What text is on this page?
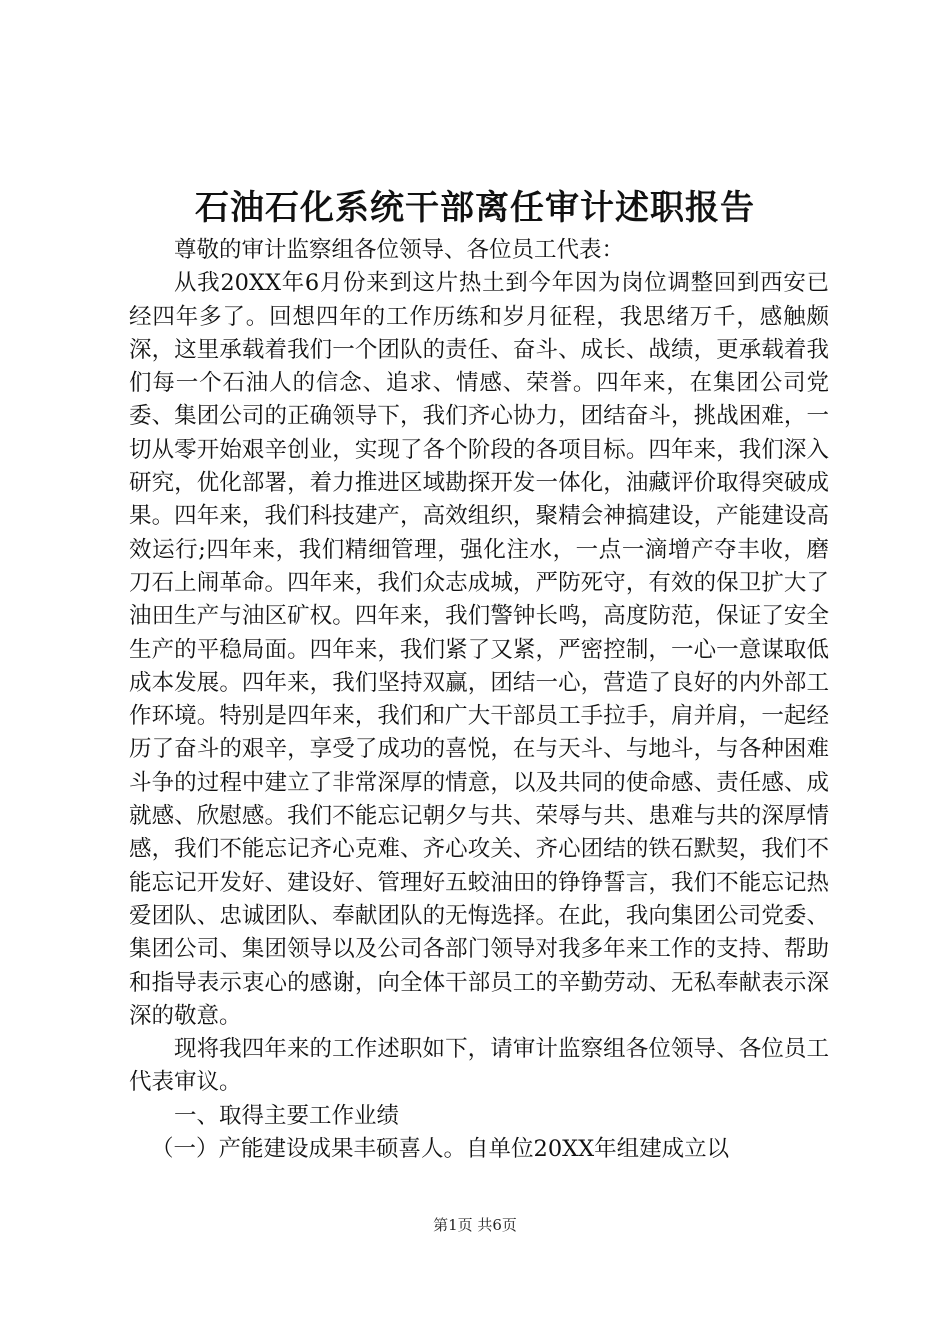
石油石化系统干部离任审计述职报告

尊敬的审计监察组各位领导、各位员工代表：

从我20XX年6月份来到这片热土到今年因为岗位调整回到西安已经四年多了。回想四年的工作历练和岁月征程，我思绪万千，感触颇深，这里承载着我们一个团队的责任、奋斗、成长、战绩，更承载着我们每一个石油人的信念、追求、情感、荣誉。四年来，在集团公司党委、集团公司的正确领导下，我们齐心协力，团结奋斗，挑战困难，一切从零开始艰辛创业，实现了各个阶段的各项目标。四年来，我们深入研究，优化部署，着力推进区域勘探开发一体化，油藏评价取得突破成果。四年来，我们科技建产，高效组织，聚精会神搞建设，产能建设高效运行;四年来，我们精细管理，强化注水，一点一滴增产夺丰收，磨刀石上闹革命。四年来，我们众志成城，严防死守，有效的保卫扩大了油田生产与油区矿权。四年来，我们警钟长鸣，高度防范，保证了安全生产的平稳局面。四年来，我们紧了又紧，严密控制，一心一意谋取低成本发展。四年来，我们坚持双赢，团结一心，营造了良好的内外部工作环境。特别是四年来，我们和广大干部员工手拉手，肩并肩，一起经历了奋斗的艰辛，享受了成功的喜悦，在与天斗、与地斗，与各种困难斗争的过程中建立了非常深厚的情意，以及共同的使命感、责任感、成就感、欣慰感。我们不能忘记朝夕与共、荣辱与共、患难与共的深厚情感，我们不能忘记齐心克难、齐心攻关、齐心团结的铁石默契，我们不能忘记开发好、建设好、管理好五蛟油田的铮铮誓言，我们不能忘记热爱团队、忠诚团队、奉献团队的无悔选择。在此，我向集团公司党委、集团公司、集团领导以及公司各部门领导对我多年来工作的支持、帮助和指导表示衷心的感谢，向全体干部员工的辛勤劳动、无私奉献表示深深的敬意。

现将我四年来的工作述职如下，请审计监察组各位领导、各位员工代表审议。

一、取得主要工作业绩

（一）产能建设成果丰硕喜人。自单位20XX年组建成立以

第1页 共6页
